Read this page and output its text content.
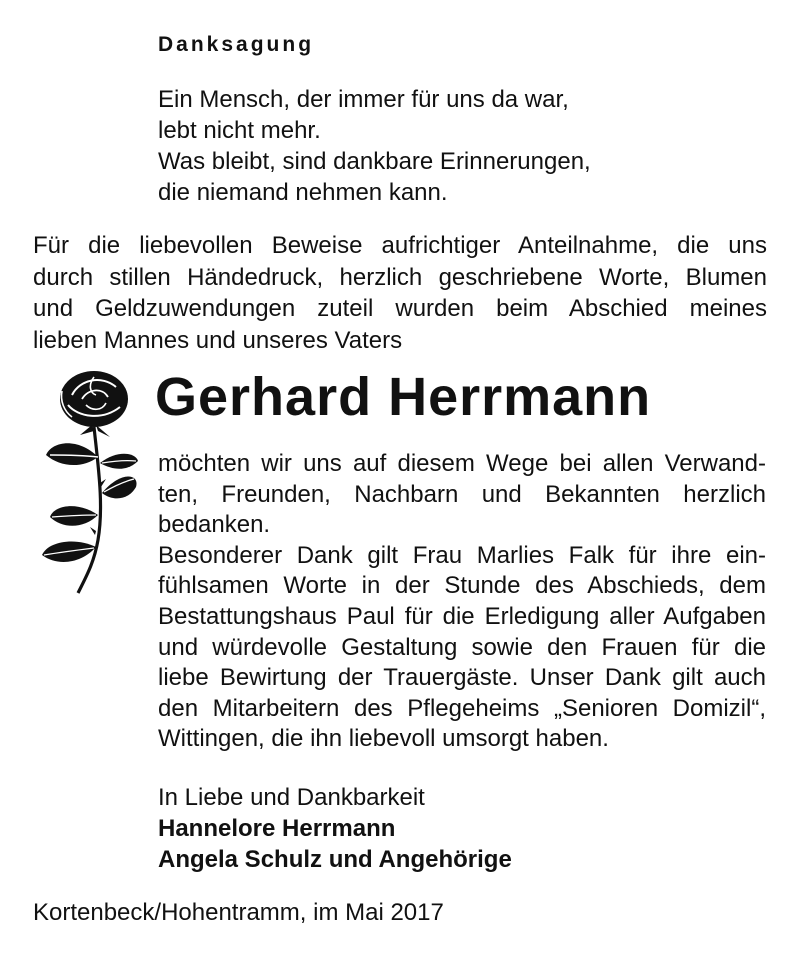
Danksagung

Ein Mensch, der immer für uns da war,
lebt nicht mehr.
Was bleibt, sind dankbare Erinnerungen,
die niemand nehmen kann.

Für die liebevollen Beweise aufrichtiger Anteilnahme, die uns
durch stillen Händedruck, herzlich geschriebene Worte, Blumen
und Geldzuwendungen zuteil wurden beim Abschied meines
lieben Mannes und unseres Vaters

Gerhard Herrmann

möchten wir uns auf diesem Wege bei allen Verwand-
ten, Freunden, Nachbarn und Bekannten herzlich
bedanken.
Besonderer Dank gilt Frau Marlies Falk für ihre ein-
fühlsamen Worte in der Stunde des Abschieds, dem
Bestattungshaus Paul für die Erledigung aller Aufgaben
und würdevolle Gestaltung sowie den Frauen für die
liebe Bewirtung der Trauergäste. Unser Dank gilt auch
den Mitarbeitern des Pflegeheims „Senioren Domizil“,
Wittingen, die ihn liebevoll umsorgt haben.

In Liebe und Dankbarkeit
Hannelore Herrmann
Angela Schulz und Angehörige

Kortenbeck/Hohentramm, im Mai 2017
